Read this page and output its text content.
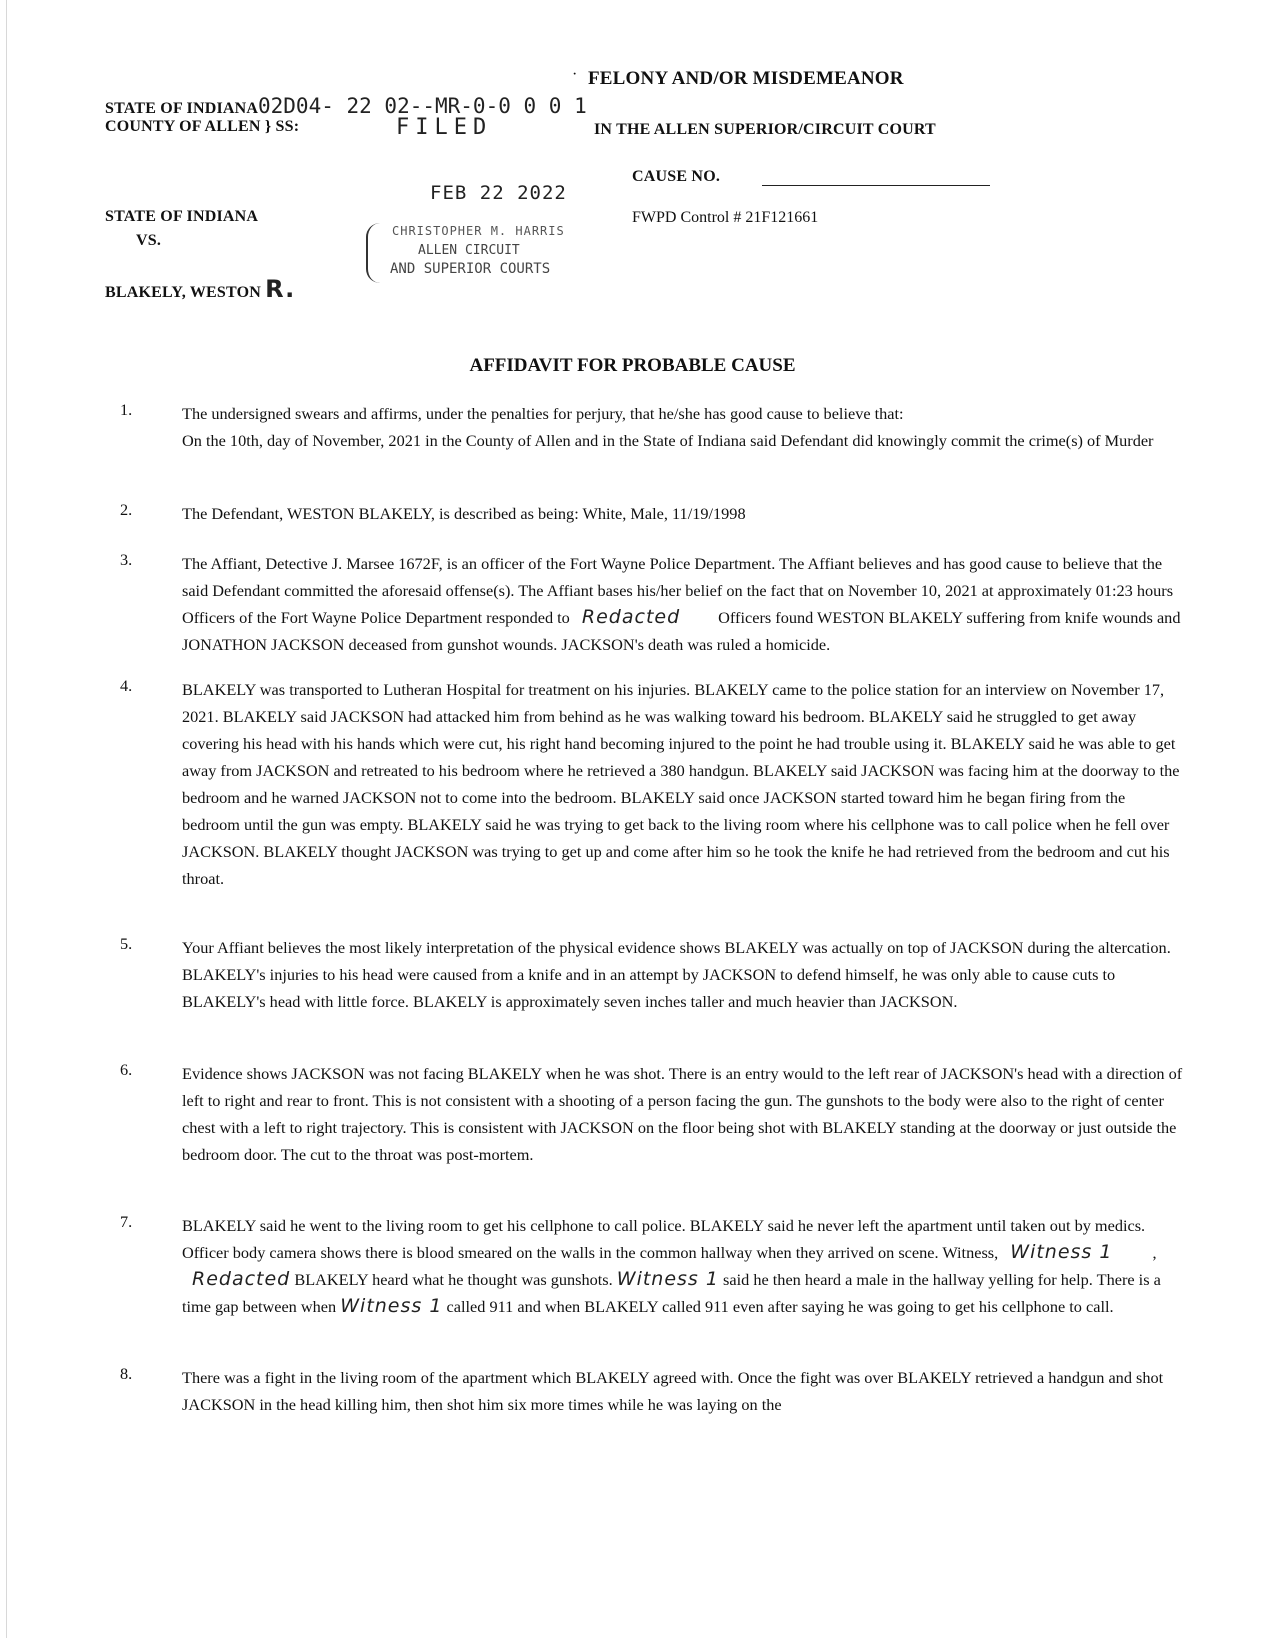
FELONY AND/OR MISDEMEANOR
·
STATE OF INDIANA
COUNTY OF ALLEN } SS:
02D04- 22 02--MR-0-0 0 0 1
FILED	IN THE ALLEN SUPERIOR/CIRCUIT COURT
CAUSE NO.
FEB 22 2022
FWPD Control # 21F121661
STATE OF INDIANA
VS.
BLAKELY, WESTON R.
CHRISTOPHER M. HARRIS
ALLEN CIRCUIT
AND SUPERIOR COURTS
AFFIDAVIT FOR PROBABLE CAUSE
1.	The undersigned swears and affirms, under the penalties for perjury, that he/she has good cause to believe that:
On the 10th, day of November, 2021 in the County of Allen and in the State of Indiana said Defendant did knowingly commit the crime(s) of Murder
2.	The Defendant, WESTON BLAKELY, is described as being: White, Male, 11/19/1998
3.	The Affiant, Detective J. Marsee 1672F, is an officer of the Fort Wayne Police Department. The Affiant believes and has good cause to believe that the said Defendant committed the aforesaid offense(s). The Affiant bases his/her belief on the fact that on November 10, 2021 at approximately 01:23 hours Officers of the Fort Wayne Police Department responded to Redacted Officers found WESTON BLAKELY suffering from knife wounds and JONATHON JACKSON deceased from gunshot wounds. JACKSON's death was ruled a homicide.
4.	BLAKELY was transported to Lutheran Hospital for treatment on his injuries. BLAKELY came to the police station for an interview on November 17, 2021. BLAKELY said JACKSON had attacked him from behind as he was walking toward his bedroom. BLAKELY said he struggled to get away covering his head with his hands which were cut, his right hand becoming injured to the point he had trouble using it. BLAKELY said he was able to get away from JACKSON and retreated to his bedroom where he retrieved a 380 handgun. BLAKELY said JACKSON was facing him at the doorway to the bedroom and he warned JACKSON not to come into the bedroom. BLAKELY said once JACKSON started toward him he began firing from the bedroom until the gun was empty. BLAKELY said he was trying to get back to the living room where his cellphone was to call police when he fell over JACKSON. BLAKELY thought JACKSON was trying to get up and come after him so he took the knife he had retrieved from the bedroom and cut his throat.
5.	Your Affiant believes the most likely interpretation of the physical evidence shows BLAKELY was actually on top of JACKSON during the altercation. BLAKELY's injuries to his head were caused from a knife and in an attempt by JACKSON to defend himself, he was only able to cause cuts to BLAKELY's head with little force. BLAKELY is approximately seven inches taller and much heavier than JACKSON.
6.	Evidence shows JACKSON was not facing BLAKELY when he was shot. There is an entry would to the left rear of JACKSON's head with a direction of left to right and rear to front. This is not consistent with a shooting of a person facing the gun. The gunshots to the body were also to the right of center chest with a left to right trajectory. This is consistent with JACKSON on the floor being shot with BLAKELY standing at the doorway or just outside the bedroom door. The cut to the throat was post-mortem.
7.	BLAKELY said he went to the living room to get his cellphone to call police. BLAKELY said he never left the apartment until taken out by medics. Officer body camera shows there is blood smeared on the walls in the common hallway when they arrived on scene. Witness, Witness 1 , Redacted BLAKELY heard what he thought was gunshots. Witness 1 said he then heard a male in the hallway yelling for help. There is a time gap between when Witness 1 called 911 and when BLAKELY called 911 even after saying he was going to get his cellphone to call.
8.	There was a fight in the living room of the apartment which BLAKELY agreed with. Once the fight was over BLAKELY retrieved a handgun and shot JACKSON in the head killing him, then shot him six more times while he was laying on the
